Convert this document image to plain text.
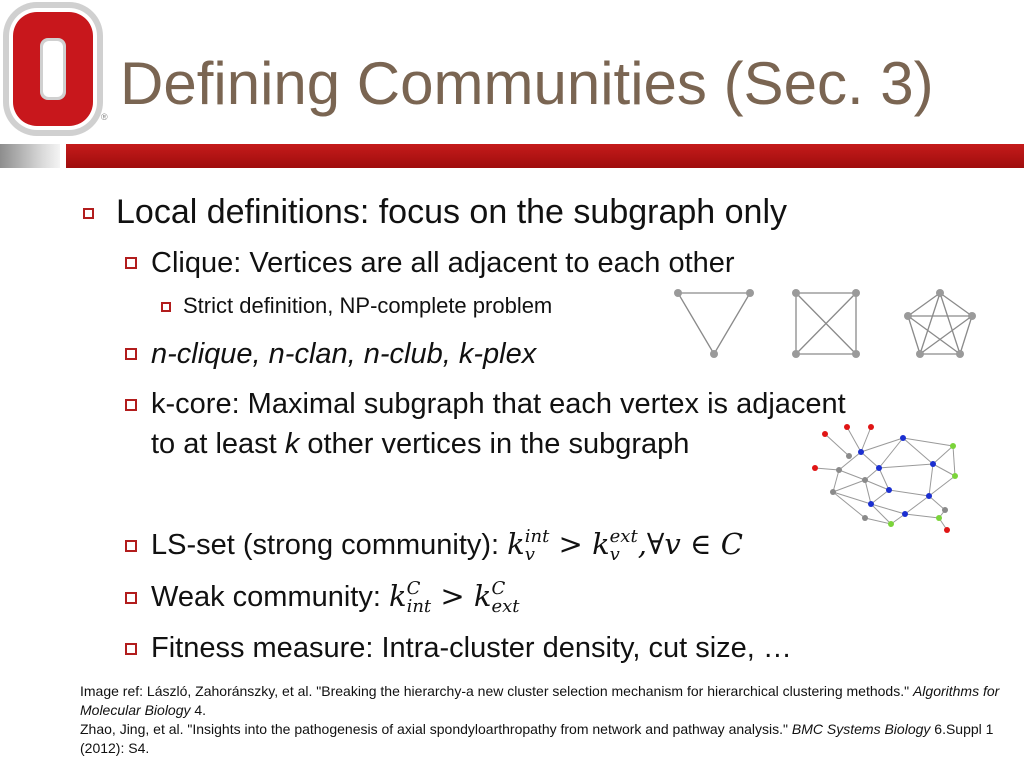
® Defining Communities (Sec. 3)
Local definitions: focus on the subgraph only
Clique: Vertices are all adjacent to each other
Strict definition, NP-complete problem
n-clique, n-clan, n-club, k-plex
k-core: Maximal subgraph that each vertex is adjacent
to at least k other vertices in the subgraph
LS-set (strong community): k int
v > k ext
v ,∀v ∈ C
Weak community: k C
int > k C
ext
Fitness measure: Intra-cluster density, cut size, …
Image ref: László, Zahoránszky, et al. "Breaking the hierarchy-a new cluster selection mechanism for hierarchical clustering methods." Algorithms for Molecular Biology 4.
Zhao, Jing, et al. "Insights into the pathogenesis of axial spondyloarthropathy from network and pathway analysis." BMC Systems Biology 6.Suppl 1 (2012): S4.
